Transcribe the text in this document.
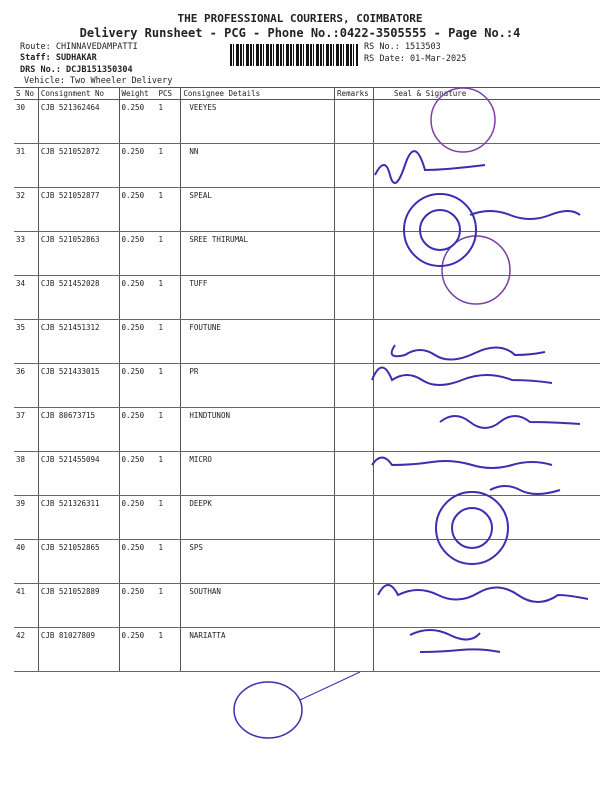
THE PROFESSIONAL COURIERS, COIMBATORE
Delivery Runsheet - PCG - Phone No.:0422-3505555 - Page No.:4
Route: CHINNAVEDAMPATTI
Staff: SUDHAKAR
DRS No.: DCJB151350304
Vehicle: Two Wheeler Delivery
RS No.: 1513503
RS Date: 01-Mar-2025
S No	Consignment No	Weight	PCS	Consignee Details	Remarks	Seal & Signature
30	CJB 521362464	0.250	1	VEEYES		
31	CJB 521052872	0.250	1	NN		
32	CJB 521052877	0.250	1	SPEAL		
33	CJB 521052863	0.250	1	SREE THIRUMAL		
34	CJB 521452028	0.250	1	TUFF		
35	CJB 521451312	0.250	1	FOUTUNE		
36	CJB 521433015	0.250	1	PR		
37	CJB 80673715	0.250	1	HINDTUNON		
38	CJB 521455094	0.250	1	MICRO		
39	CJB 521326311	0.250	1	DEEPK		
40	CJB 521052865	0.250	1	SPS		
41	CJB 521052889	0.250	1	SOUTHAN		
42	CJB 81027809	0.250	1	NARIATTA		
